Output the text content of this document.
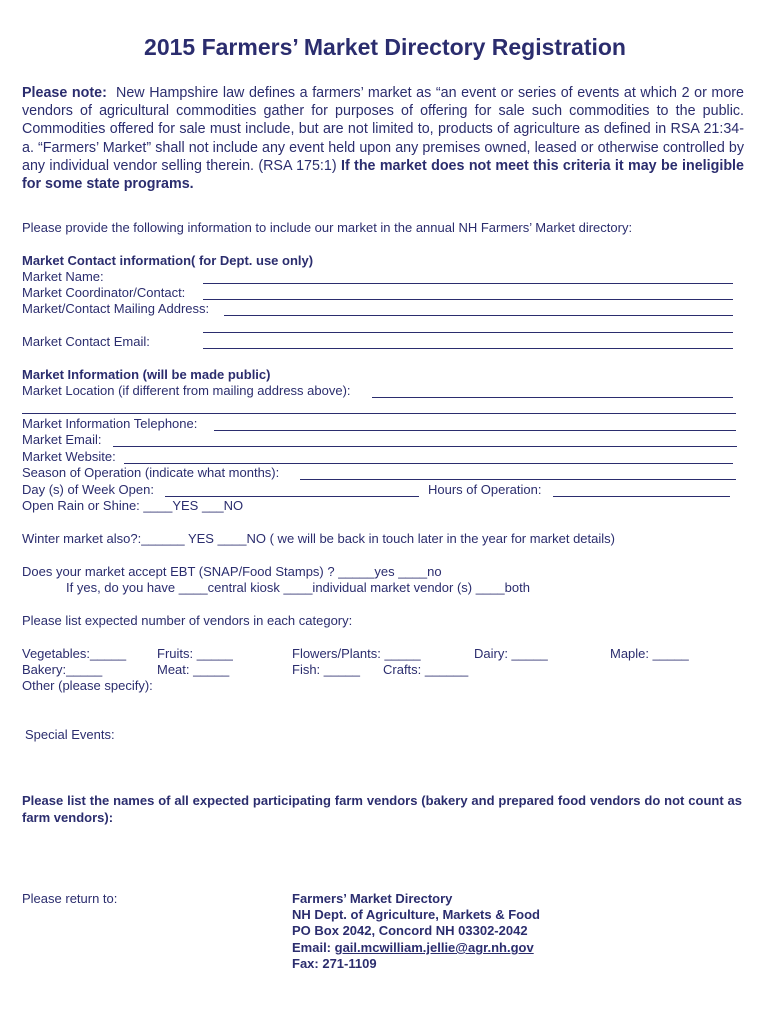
2015 Farmers’ Market Directory Registration
Please note: New Hampshire law defines a farmers’ market as “an event or series of events at which 2 or more vendors of agricultural commodities gather for purposes of offering for sale such commodities to the public. Commodities offered for sale must include, but are not limited to, products of agriculture as defined in RSA 21:34-a. “Farmers’ Market” shall not include any event held upon any premises owned, leased or otherwise controlled by any individual vendor selling therein. (RSA 175:1) If the market does not meet this criteria it may be ineligible for some state programs.
Please provide the following information to include our market in the annual NH Farmers’ Market directory:
Market Contact information( for Dept. use only)
Market Name:
Market Coordinator/Contact:
Market/Contact Mailing Address:
Market Contact Email:
Market Information (will be made public)
Market Location (if different from mailing address above):
Market Information Telephone:
Market Email:
Market Website:
Season of Operation (indicate what months):
Day (s) of Week Open:	Hours of Operation:
Open Rain or Shine: ____YES ___NO
Winter market also?:______ YES ____NO ( we will be back in touch later in the year for market details)
Does your market accept EBT (SNAP/Food Stamps) ? _____yes ____no
If yes, do you have ____central kiosk ____individual market vendor (s) ____both
Please list expected number of vendors in each category:
Vegetables:_____ Fruits: _____	Flowers/Plants: _____	Dairy: _____	Maple: _____
Bakery:_____	Meat: _____	Fish: _____ Crafts: ______
Other (please specify):
Special Events:
Please list the names of all expected participating farm vendors (bakery and prepared food vendors do not count as farm vendors):
Please return to:	Farmers’ Market Directory
NH Dept. of Agriculture, Markets & Food
PO Box 2042, Concord NH 03302-2042
Email: gail.mcwilliam.jellie@agr.nh.gov
Fax: 271-1109
